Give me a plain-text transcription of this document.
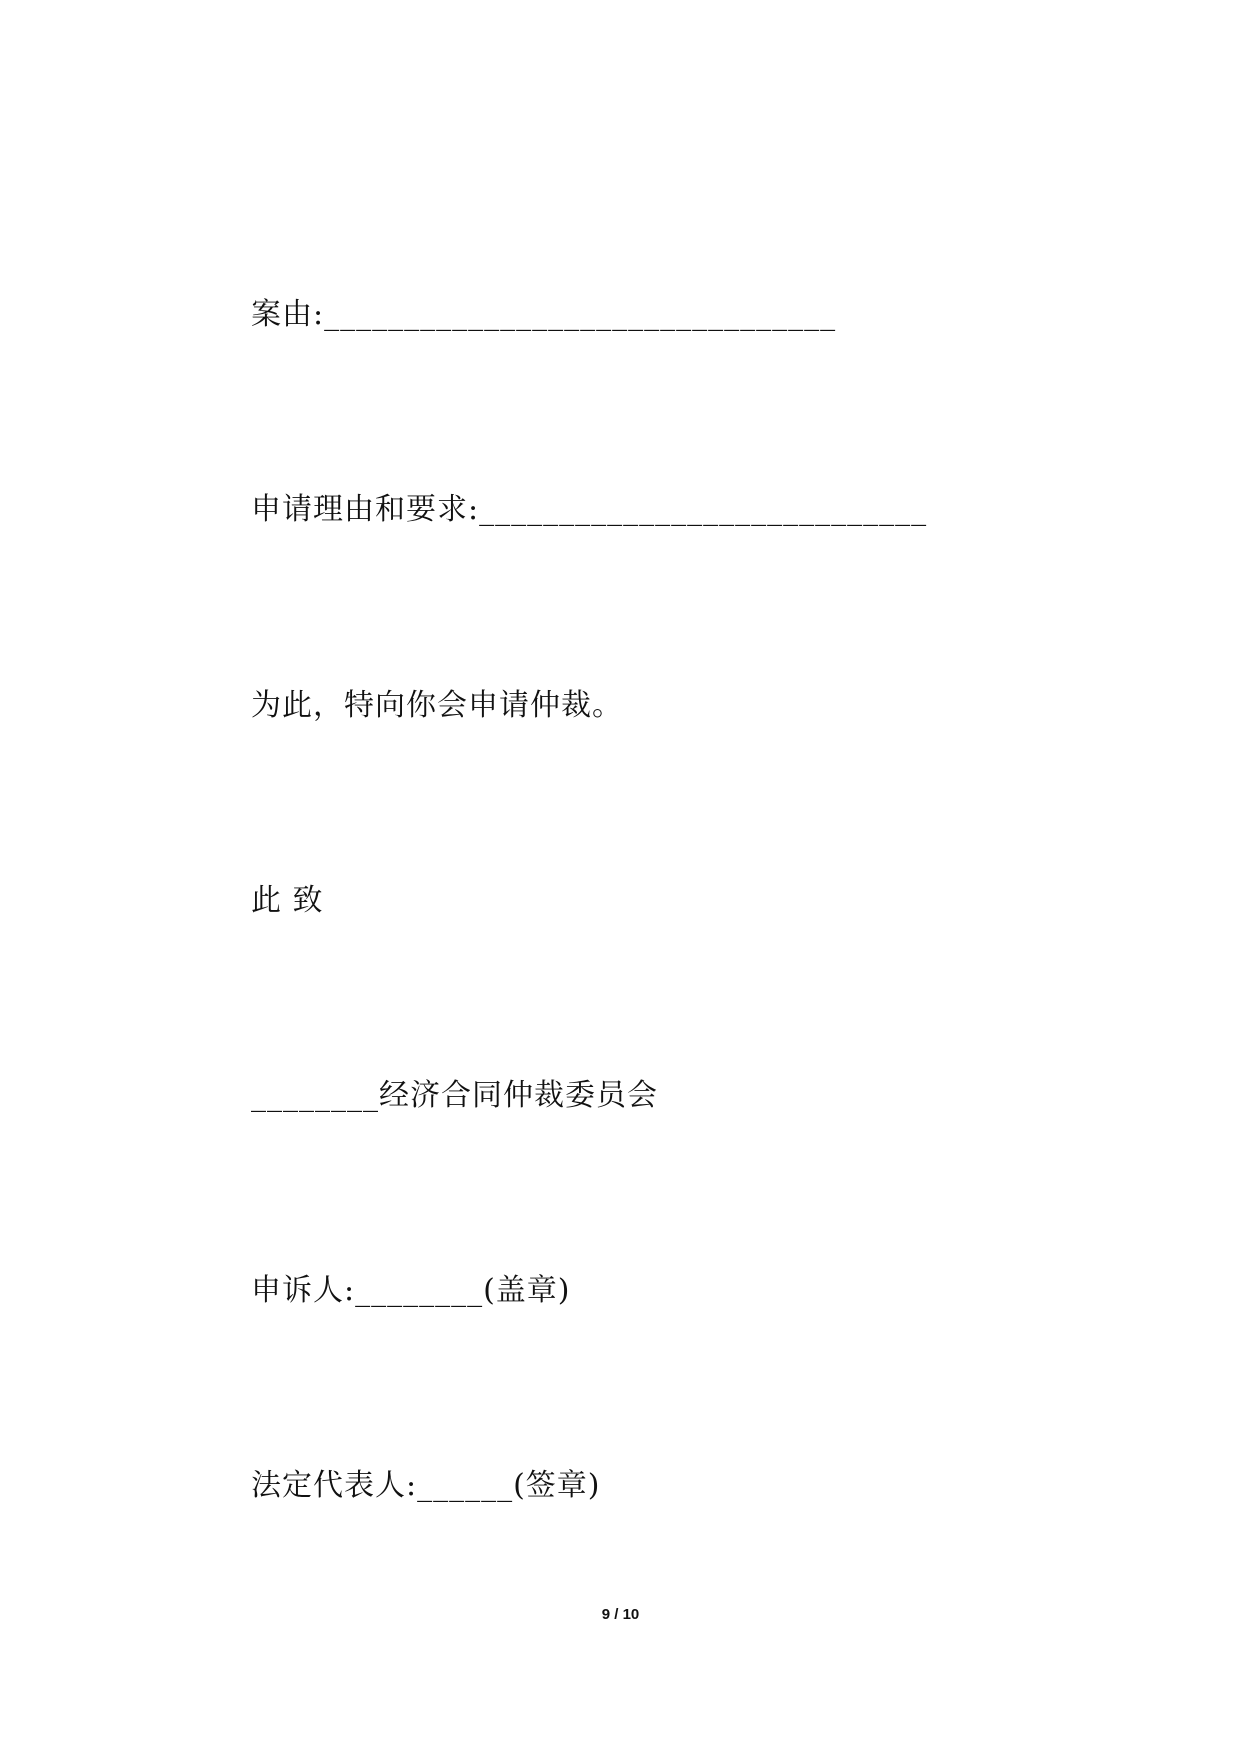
案由:________________________________
申请理由和要求:____________________________
为此，特向你会申请仲裁。
此 致
________经济合同仲裁委员会
申诉人:________(盖章)
法定代表人:______(签章)
9 / 10
